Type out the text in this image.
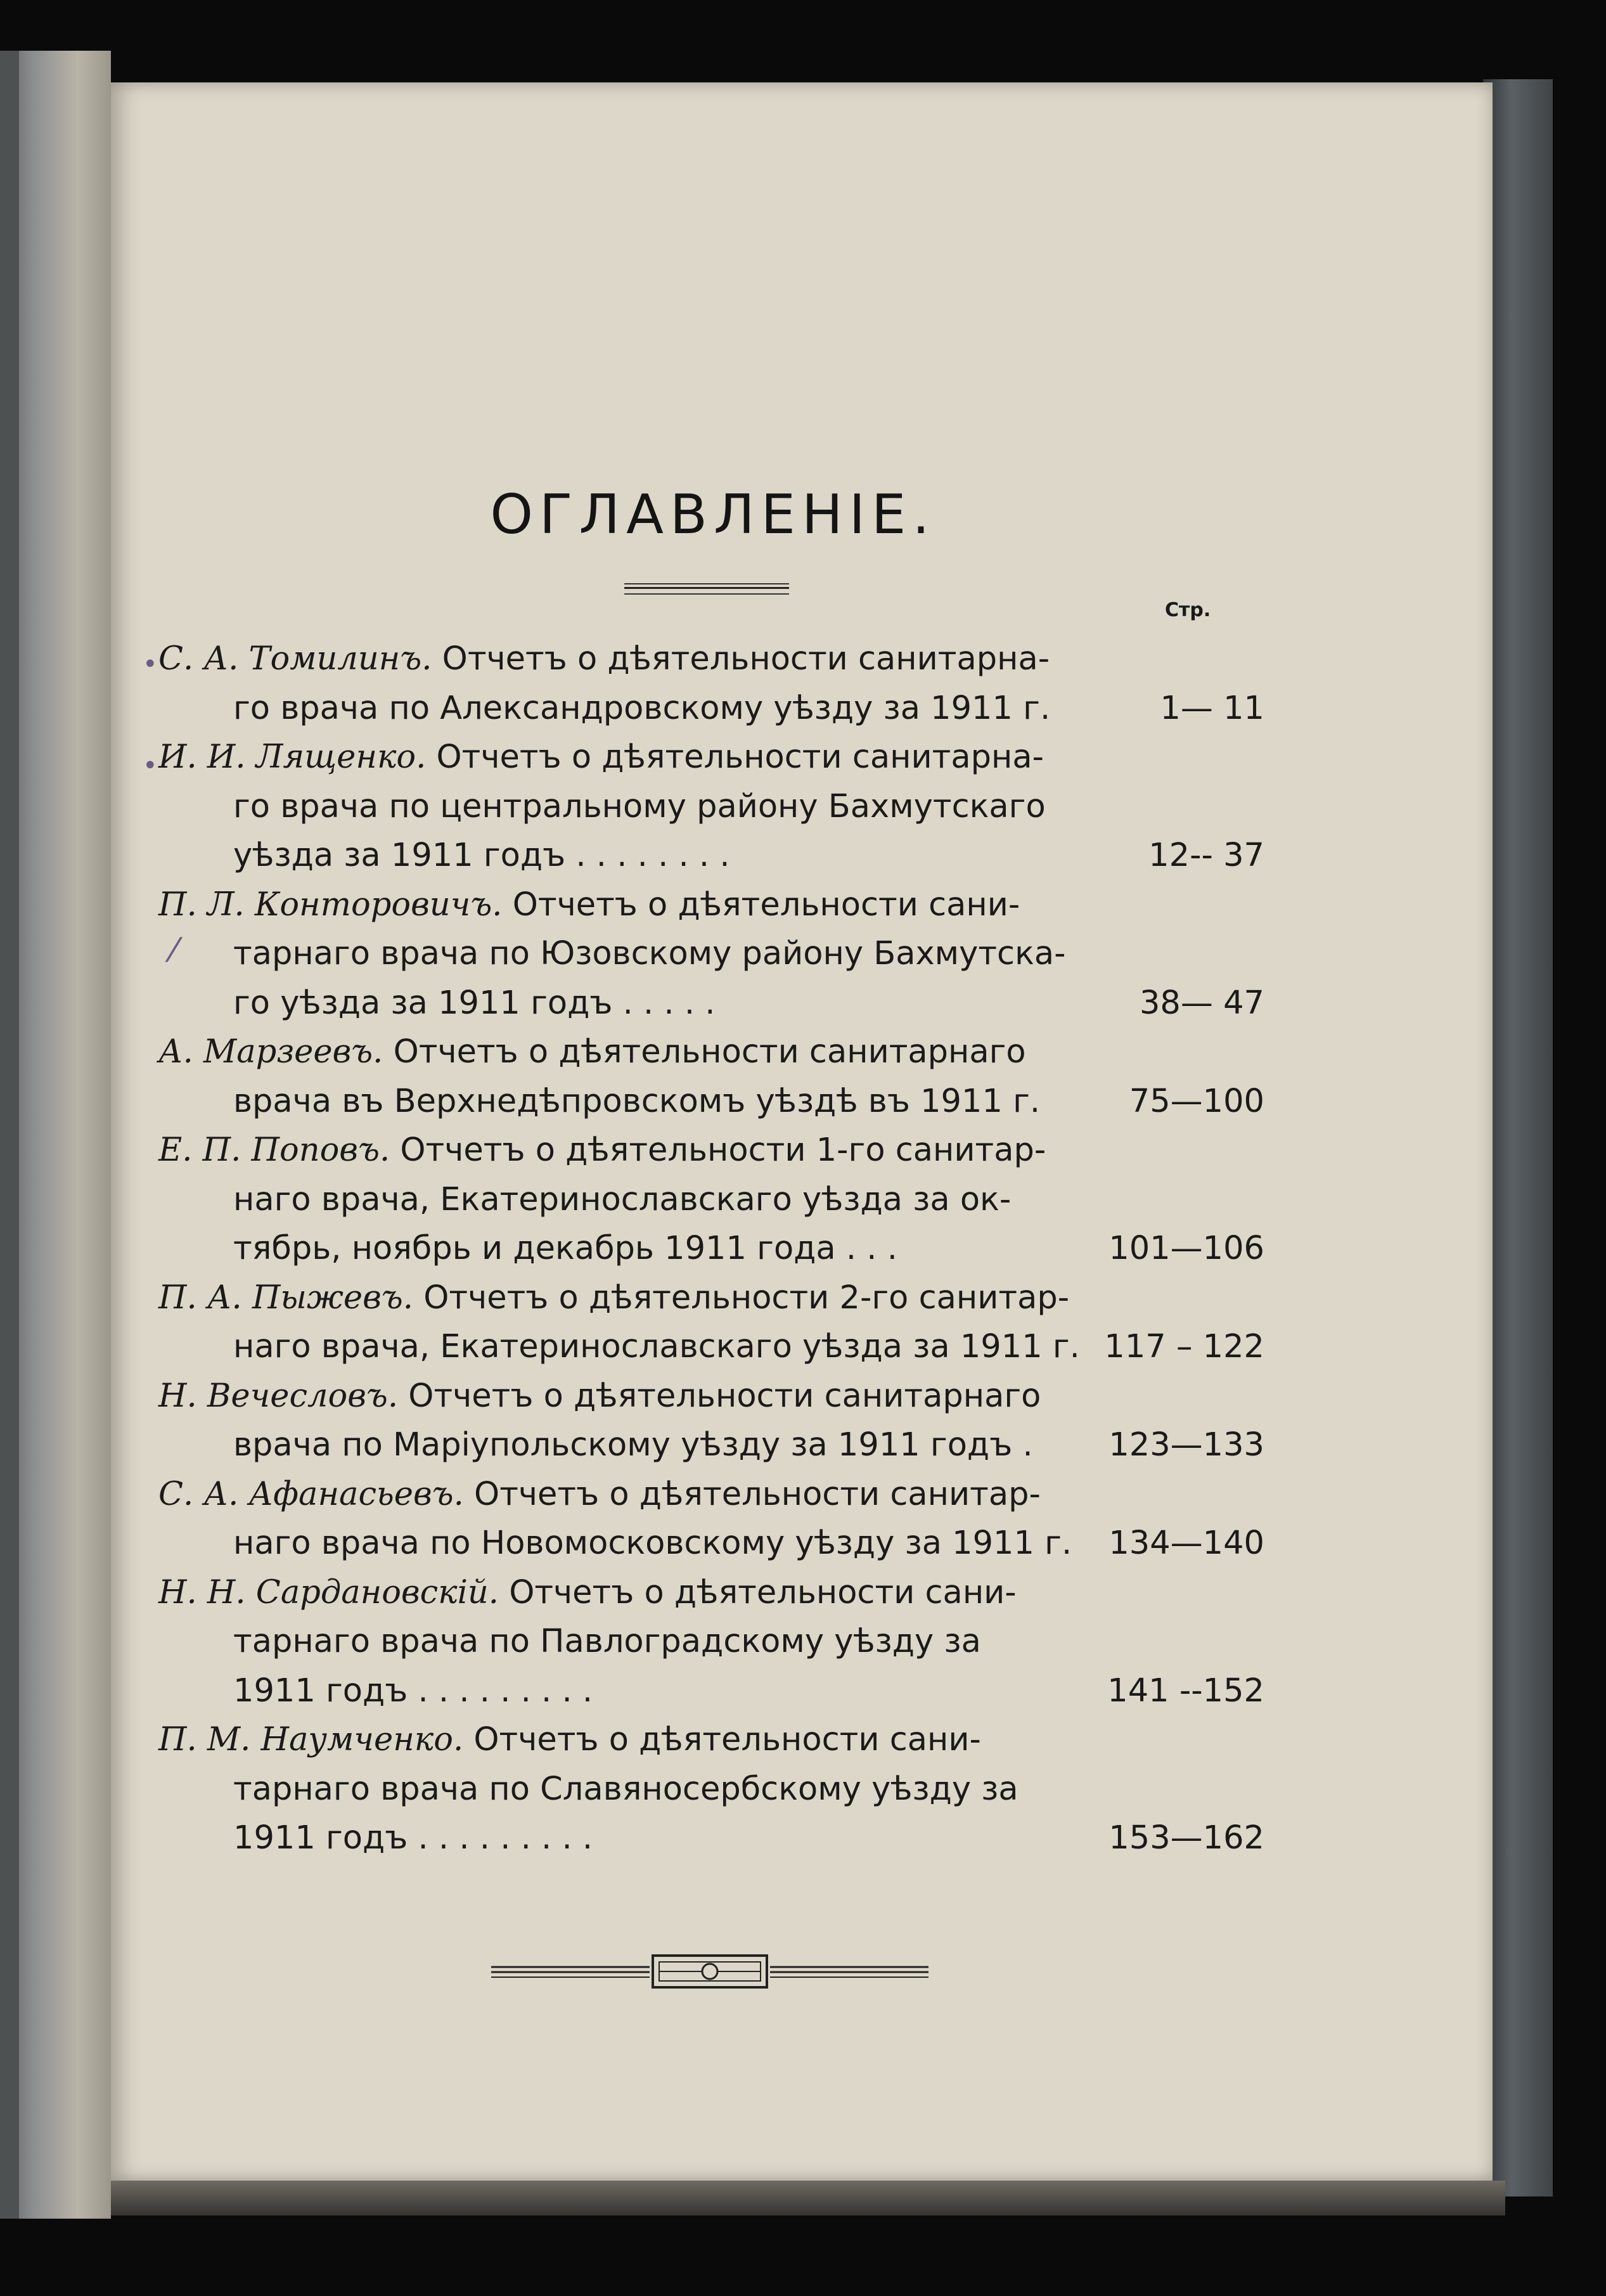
ОГЛАВЛЕНІЕ.
Стр.
С. А. Томилинъ. Отчетъ о дѣятельности санитарна-
го врача по Александровскому уѣзду за 1911 г.	1— 11
И. И. Лященко. Отчетъ о дѣятельности санитарна-
го врача по центральному району Бахмутскаго
уѣзда за 1911 годъ . . . . . . . .	12-- 37
П. Л. Конторовичъ. Отчетъ о дѣятельности сани-
тарнаго врача по Юзовскому району Бахмутска-
го уѣзда за 1911 годъ . . . . .	38— 47
А. Марзеевъ. Отчетъ о дѣятельности санитарнаго
врача въ Верхнедѣпровскомъ уѣздѣ въ 1911 г.	75—100
Е. П. Поповъ. Отчетъ о дѣятельности 1-го санитар-
наго врача, Екатеринославскаго уѣзда за ок-
тябрь, ноябрь и декабрь 1911 года . . .	101—106
П. А. Пыжевъ. Отчетъ о дѣятельности 2-го санитар-
наго врача, Екатеринославскаго уѣзда за 1911 г. 117 – 122
Н. Вечесловъ. Отчетъ о дѣятельности санитарнаго
врача по Маріупольскому уѣзду за 1911 годъ . 123—133
С. А. Афанасьевъ. Отчетъ о дѣятельности санитар-
наго врача по Новомосковскому уѣзду за 1911 г. 134—140
Н. Н. Сардановскій. Отчетъ о дѣятельности сани-
тарнаго врача по Павлоградскому уѣзду за
1911 годъ . . . . . . . . .	141 --152
П. М. Наумченко. Отчетъ о дѣятельности сани-
тарнаго врача по Славяносербскому уѣзду за
1911 годъ . . . . . . . . .	153—162
•
•
⁄
